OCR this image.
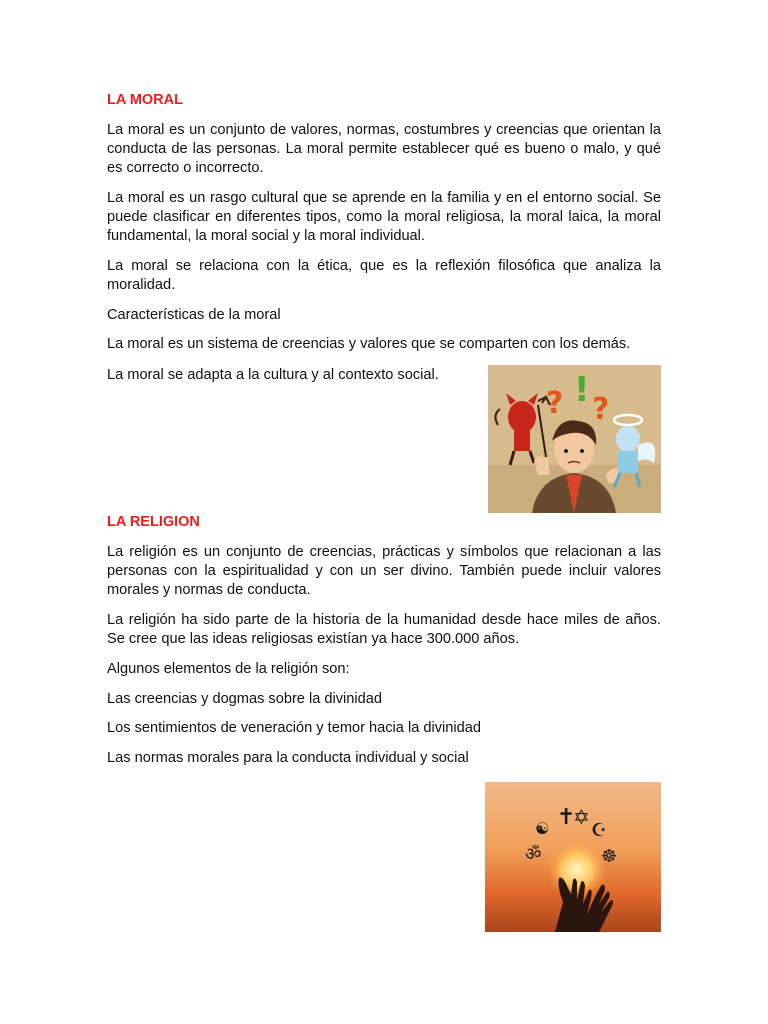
LA MORAL

La moral es un conjunto de valores, normas, costumbres y creencias que orientan la conducta de las personas. La moral permite establecer qué es bueno o malo, y qué es correcto o incorrecto.

La moral es un rasgo cultural que se aprende en la familia y en el entorno social. Se puede clasificar en diferentes tipos, como la moral religiosa, la moral laica, la moral fundamental, la moral social y la moral individual.

La moral se relaciona con la ética, que es la reflexión filosófica que analiza la moralidad.

Características de la moral

La moral es un sistema de creencias y valores que se comparten con los demás.

La moral se adapta a la cultura y al contexto social.

LA RELIGION

La religión es un conjunto de creencias, prácticas y símbolos que relacionan a las personas con la espiritualidad y con un ser divino. También puede incluir valores morales y normas de conducta.

La religión ha sido parte de la historia de la humanidad desde hace miles de años. Se cree que las ideas religiosas existían ya hace 300.000 años.

Algunos elementos de la religión son:

Las creencias y dogmas sobre la divinidad

Los sentimientos de veneración y temor hacia la divinidad

Las normas morales para la conducta individual y social

? ! ?
✝
✡
☯ ☪
ॐ	☸
